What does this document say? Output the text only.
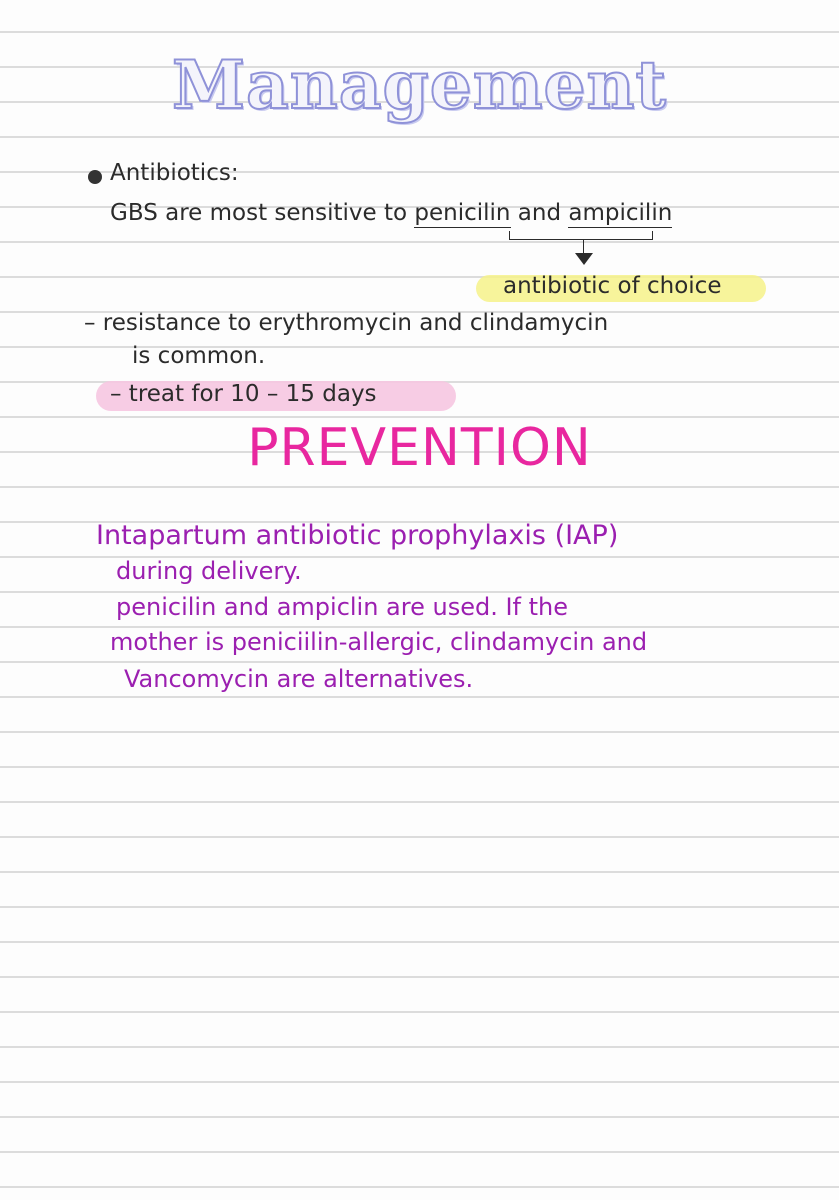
Management
Antibiotics:
GBS are most sensitive to penicilin and ampicilin
antibiotic of choice
– resistance to erythromycin and clindamycin
is common.
– treat for 10 – 15 days
PREVENTION
Intapartum antibiotic prophylaxis (IAP)
during delivery.
penicilin and ampiclin are used. If the
mother is peniciilin-allergic, clindamycin and
Vancomycin are alternatives.
